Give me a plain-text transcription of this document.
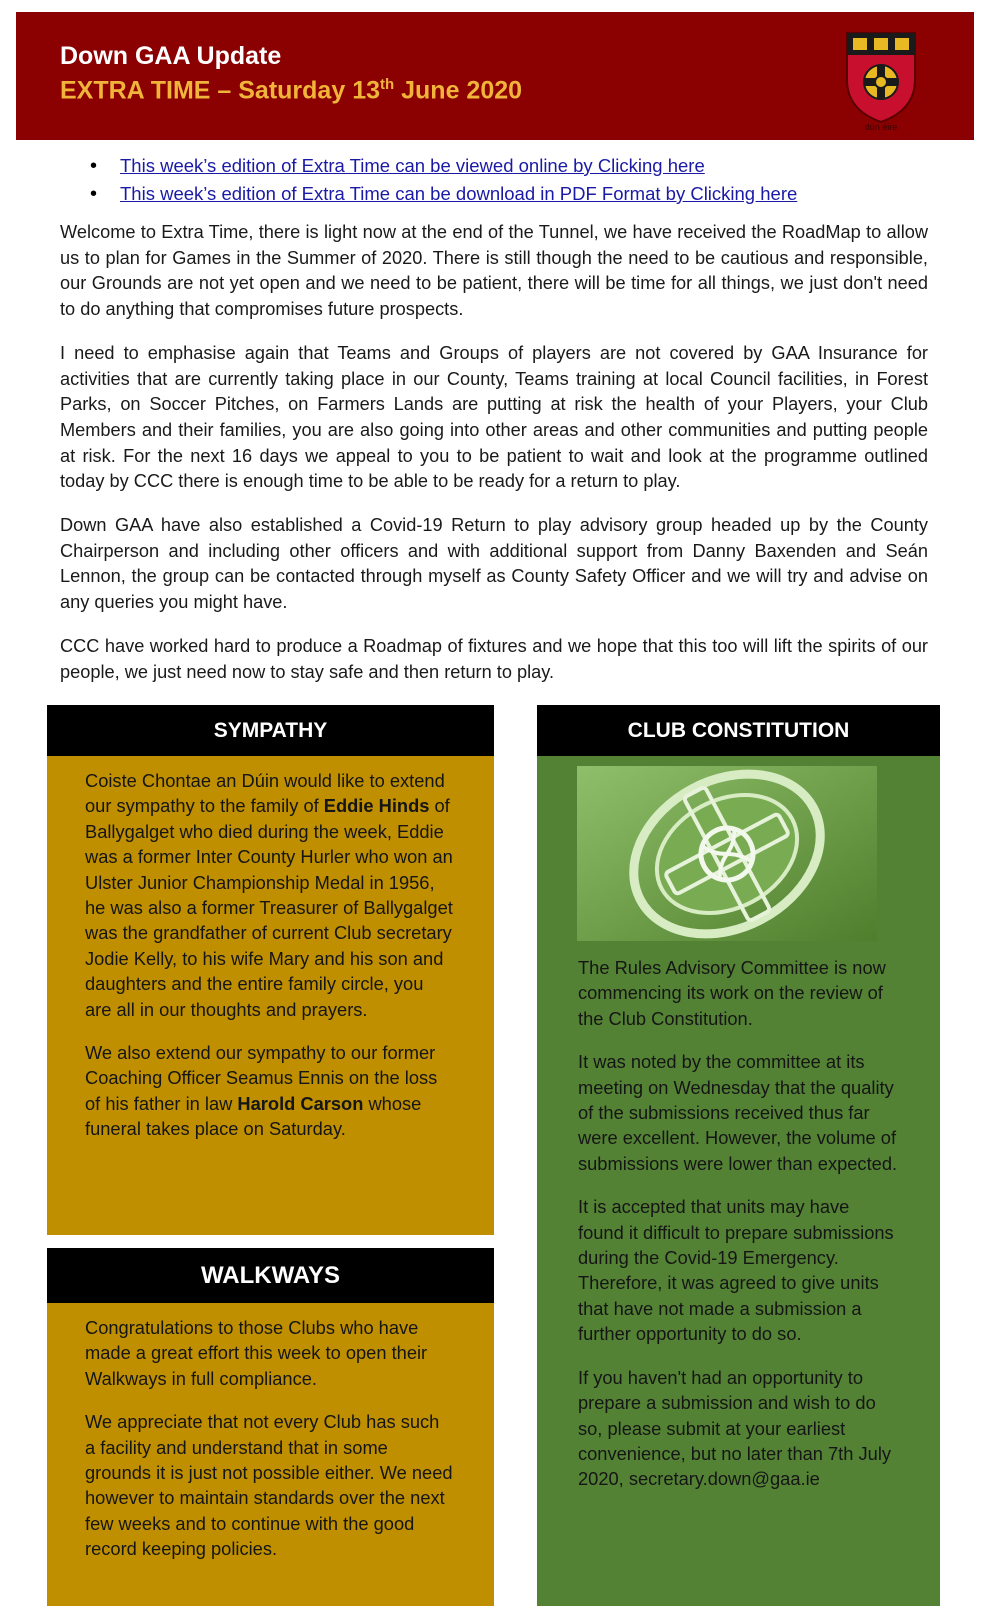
Down GAA Update
EXTRA TIME – Saturday 13th June 2020
dún éire
• This week’s edition of Extra Time can be viewed online by Clicking here
• This week’s edition of Extra Time can be download in PDF Format by Clicking here

Welcome to Extra Time, there is light now at the end of the Tunnel, we have received the RoadMap to allow us to plan for Games in the Summer of 2020. There is still though the need to be cautious and responsible, our Grounds are not yet open and we need to be patient, there will be time for all things, we just don't need to do anything that compromises future prospects.

I need to emphasise again that Teams and Groups of players are not covered by GAA Insurance for activities that are currently taking place in our County, Teams training at local Council facilities, in Forest Parks, on Soccer Pitches, on Farmers Lands are putting at risk the health of your Players, your Club Members and their families, you are also going into other areas and other communities and putting people at risk. For the next 16 days we appeal to you to be patient to wait and look at the programme outlined today by CCC there is enough time to be able to be ready for a return to play.

Down GAA have also established a Covid-19 Return to play advisory group headed up by the County Chairperson and including other officers and with additional support from Danny Baxenden and Seán Lennon, the group can be contacted through myself as County Safety Officer and we will try and advise on any queries you might have.

CCC have worked hard to produce a Roadmap of fixtures and we hope that this too will lift the spirits of our people, we just need now to stay safe and then return to play.

SYMPATHY

Coiste Chontae an Dúin would like to extend our sympathy to the family of Eddie Hinds of Ballygalget who died during the week, Eddie was a former Inter County Hurler who won an Ulster Junior Championship Medal in 1956, he was also a former Treasurer of Ballygalget was the grandfather of current Club secretary Jodie Kelly, to his wife Mary and his son and daughters and the entire family circle, you are all in our thoughts and prayers.

We also extend our sympathy to our former Coaching Officer Seamus Ennis on the loss of his father in law Harold Carson whose funeral takes place on Saturday.

WALKWAYS

Congratulations to those Clubs who have made a great effort this week to open their Walkways in full compliance.

We appreciate that not every Club has such a facility and understand that in some grounds it is just not possible either. We need however to maintain standards over the next few weeks and to continue with the good record keeping policies.

CLUB CONSTITUTION

The Rules Advisory Committee is now commencing its work on the review of the Club Constitution.

It was noted by the committee at its meeting on Wednesday that the quality of the submissions received thus far were excellent. However, the volume of submissions were lower than expected.

It is accepted that units may have found it difficult to prepare submissions during the Covid-19 Emergency. Therefore, it was agreed to give units that have not made a submission a further opportunity to do so.

If you haven't had an opportunity to prepare a submission and wish to do so, please submit at your earliest convenience, but no later than 7th July 2020, secretary.down@gaa.ie
